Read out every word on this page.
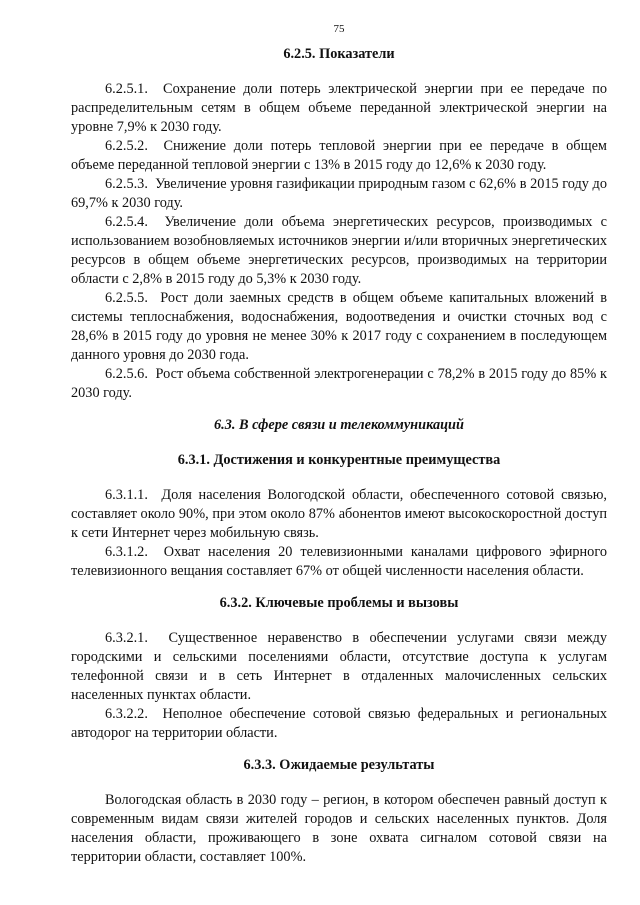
75
6.2.5. Показатели

6.2.5.1. Сохранение доли потерь электрической энергии при ее передаче по распределительным сетям в общем объеме переданной электрической энергии на уровне 7,9% к 2030 году.

6.2.5.2. Снижение доли потерь тепловой энергии при ее передаче в общем объеме переданной тепловой энергии с 13% в 2015 году до 12,6% к 2030 году.

6.2.5.3. Увеличение уровня газификации природным газом с 62,6% в 2015 году до 69,7% к 2030 году.

6.2.5.4. Увеличение доли объема энергетических ресурсов, производимых с использованием возобновляемых источников энергии и/или вторичных энергетических ресурсов в общем объеме энергетических ресурсов, производимых на территории области с 2,8% в 2015 году до 5,3% к 2030 году.

6.2.5.5. Рост доли заемных средств в общем объеме капитальных вложений в системы теплоснабжения, водоснабжения, водоотведения и очистки сточных вод с 28,6% в 2015 году до уровня не менее 30% к 2017 году с сохранением в последующем данного уровня до 2030 года.

6.2.5.6. Рост объема собственной электрогенерации с 78,2% в 2015 году до 85% к 2030 году.

6.3. В сфере связи и телекоммуникаций
6.3.1. Достижения и конкурентные преимущества

6.3.1.1. Доля населения Вологодской области, обеспеченного сотовой связью, составляет около 90%, при этом около 87% абонентов имеют высокоскоростной доступ к сети Интернет через мобильную связь.

6.3.1.2. Охват населения 20 телевизионными каналами цифрового эфирного телевизионного вещания составляет 67% от общей численности населения области.

6.3.2. Ключевые проблемы и вызовы

6.3.2.1. Существенное неравенство в обеспечении услугами связи между городскими и сельскими поселениями области, отсутствие доступа к услугам телефонной связи и в сеть Интернет в отдаленных малочисленных сельских населенных пунктах области.

6.3.2.2. Неполное обеспечение сотовой связью федеральных и региональных автодорог на территории области.

6.3.3. Ожидаемые результаты

Вологодская область в 2030 году – регион, в котором обеспечен равный доступ к современным видам связи жителей городов и сельских населенных пунктов. Доля населения области, проживающего в зоне охвата сигналом сотовой связи на территории области, составляет 100%.
